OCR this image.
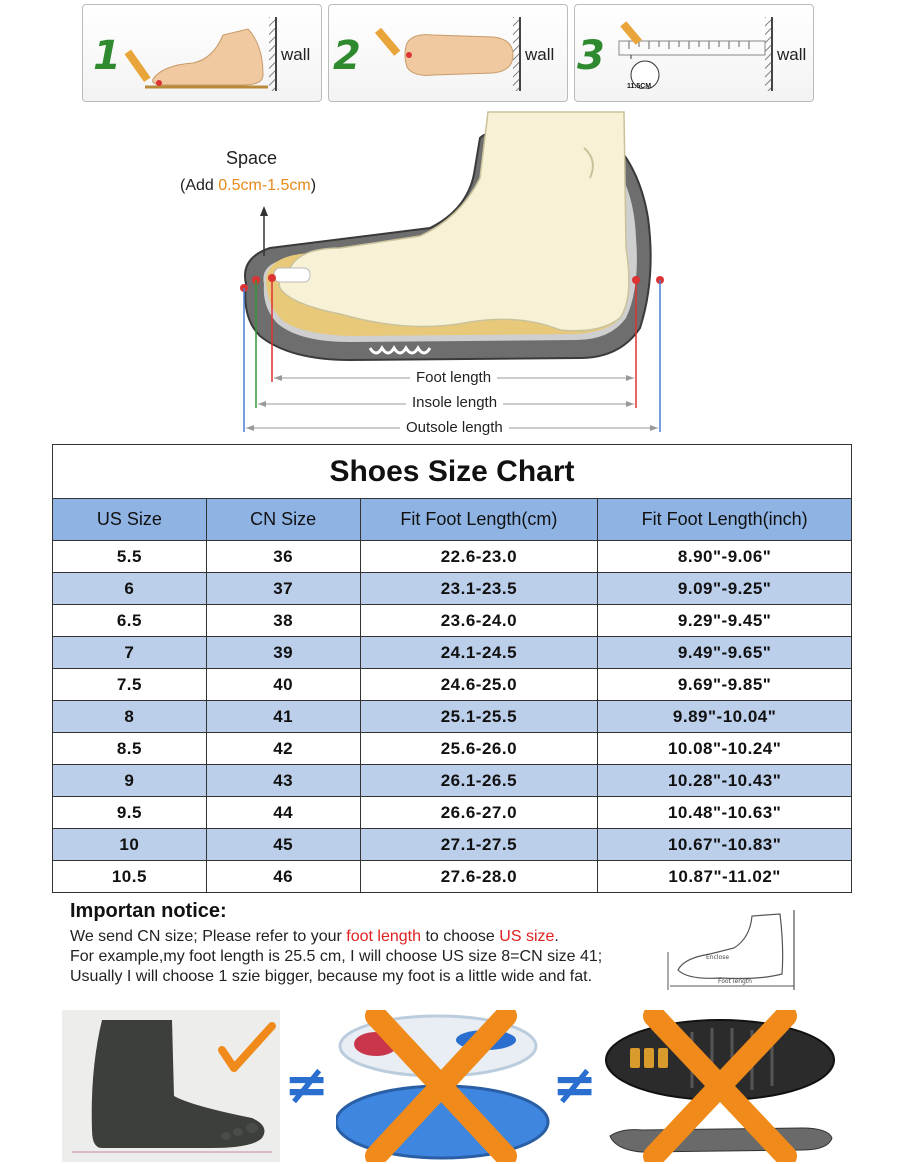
1	wall 2	wall 3
11.5CM
wall
Space
(Add 0.5cm-1.5cm)
Foot length
Insole length
Outsole length
Shoes Size Chart			
US Size	CN Size	Fit Foot Length(cm)	Fit Foot Length(inch)
5.5	36	22.6-23.0	8.90"-9.06"
6	37	23.1-23.5	9.09"-9.25"
6.5	38	23.6-24.0	9.29"-9.45"
7	39	24.1-24.5	9.49"-9.65"
7.5	40	24.6-25.0	9.69"-9.85"
8	41	25.1-25.5	9.89"-10.04"
8.5	42	25.6-26.0	10.08"-10.24"
9	43	26.1-26.5	10.28"-10.43"
9.5	44	26.6-27.0	10.48"-10.63"
10	45	27.1-27.5	10.67"-10.83"
10.5	46	27.6-28.0	10.87"-11.02"
Importan notice:
We send CN size; Please refer to your foot length to choose US size.
For example,my foot length is 25.5 cm, I will choose US size 8=CN size 41;
Usually I will choose 1 szie bigger, because my foot is a little wide and fat.
Enclose
Foot length
≠	≠
